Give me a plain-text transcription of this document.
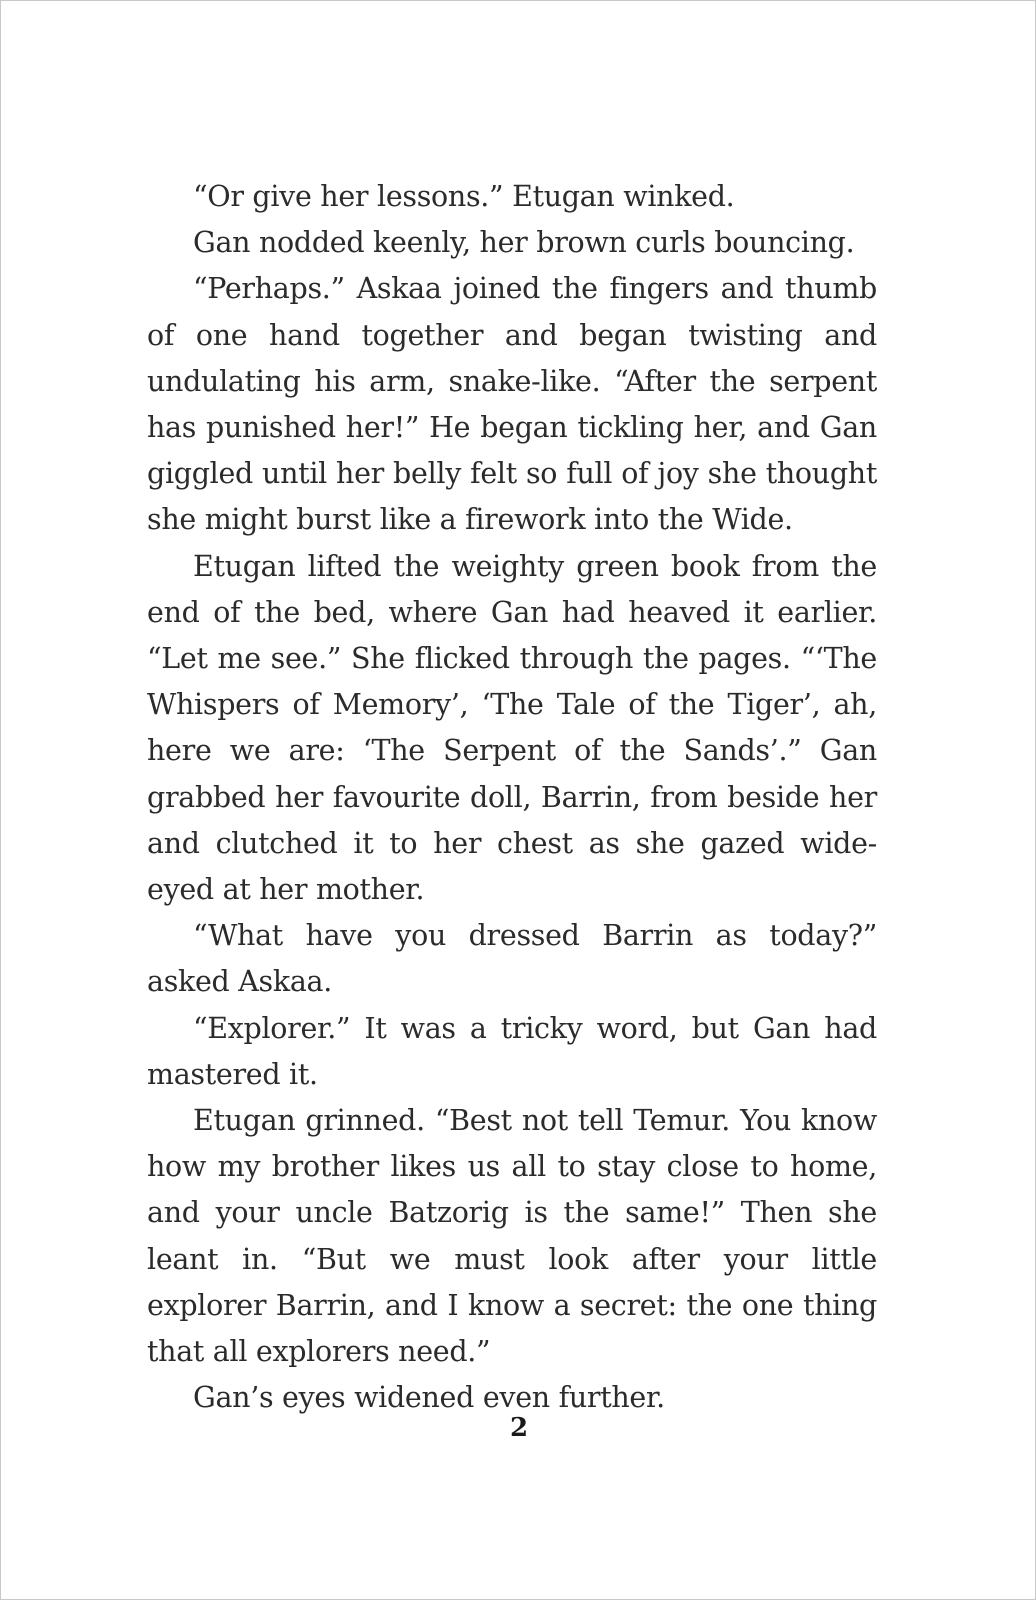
“Or give her lessons.” Etugan winked.

Gan nodded keenly, her brown curls bouncing.

“Perhaps.” Askaa joined the fingers and thumb of one hand together and began twisting and undulating his arm, snake-like. “After the serpent has punished her!” He began tickling her, and Gan giggled until her belly felt so full of joy she thought she might burst like a firework into the Wide.

Etugan lifted the weighty green book from the end of the bed, where Gan had heaved it earlier. “Let me see.” She flicked through the pages. “‘The Whispers of Memory’, ‘The Tale of the Tiger’, ah, here we are: ‘The Serpent of the Sands’.” Gan grabbed her favourite doll, Barrin, from beside her and clutched it to her chest as she gazed wide-eyed at her mother.

“What have you dressed Barrin as today?” asked Askaa.

“Explorer.” It was a tricky word, but Gan had mastered it.

Etugan grinned. “Best not tell Temur. You know how my brother likes us all to stay close to home, and your uncle Batzorig is the same!” Then she leant in. “But we must look after your little explorer Barrin, and I know a secret: the one thing that all explorers need.”

Gan’s eyes widened even further.

2
